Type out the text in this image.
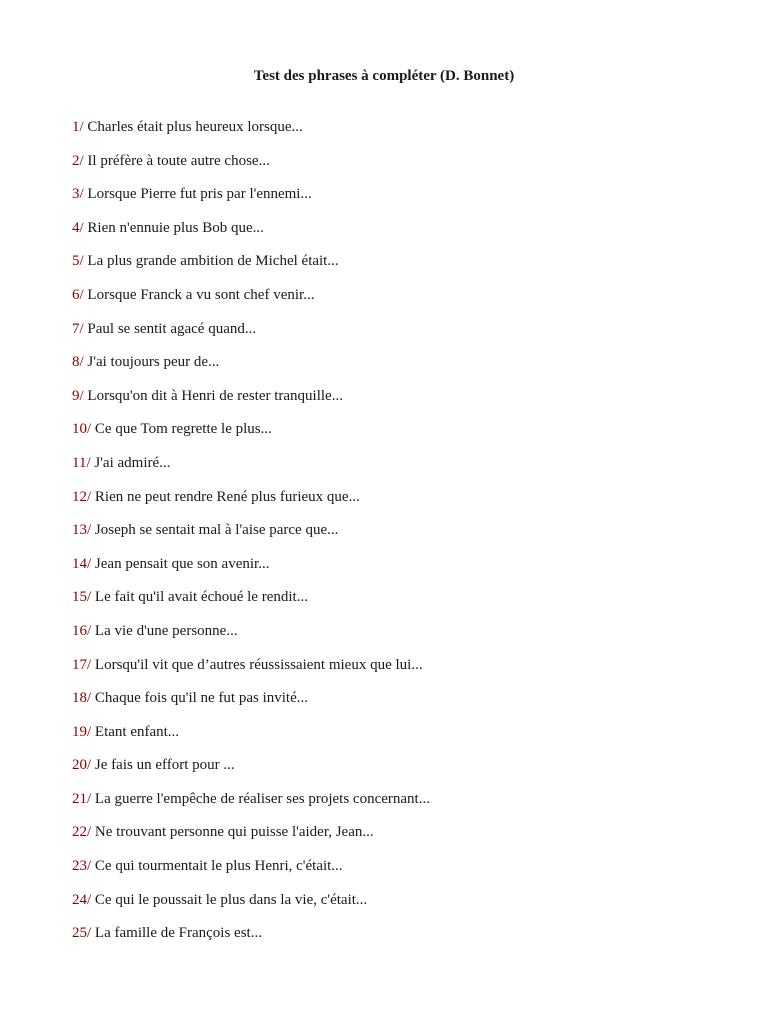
Test des phrases à compléter (D. Bonnet)
1/ Charles était plus heureux lorsque...
2/ Il préfère à toute autre chose...
3/ Lorsque Pierre fut pris par l'ennemi...
4/ Rien n'ennuie plus Bob que...
5/ La plus grande ambition de Michel était...
6/ Lorsque Franck a vu sont chef venir...
7/ Paul se sentit agacé quand...
8/ J'ai toujours peur de...
9/ Lorsqu'on dit à Henri de rester tranquille...
10/ Ce que Tom regrette le plus...
11/ J'ai admiré...
12/ Rien ne peut rendre René plus furieux que...
13/ Joseph se sentait mal à l'aise parce que...
14/ Jean pensait que son avenir...
15/ Le fait qu'il avait échoué le rendit...
16/ La vie d'une personne...
17/ Lorsqu'il vit que d’autres réussissaient mieux que lui...
18/ Chaque fois qu'il ne fut pas invité...
19/ Etant enfant...
20/ Je fais un effort pour ...
21/ La guerre l'empêche de réaliser ses projets concernant...
22/ Ne trouvant personne qui puisse l'aider, Jean...
23/ Ce qui tourmentait le plus Henri, c'était...
24/ Ce qui le poussait le plus dans la vie, c'était...
25/ La famille de François est...
